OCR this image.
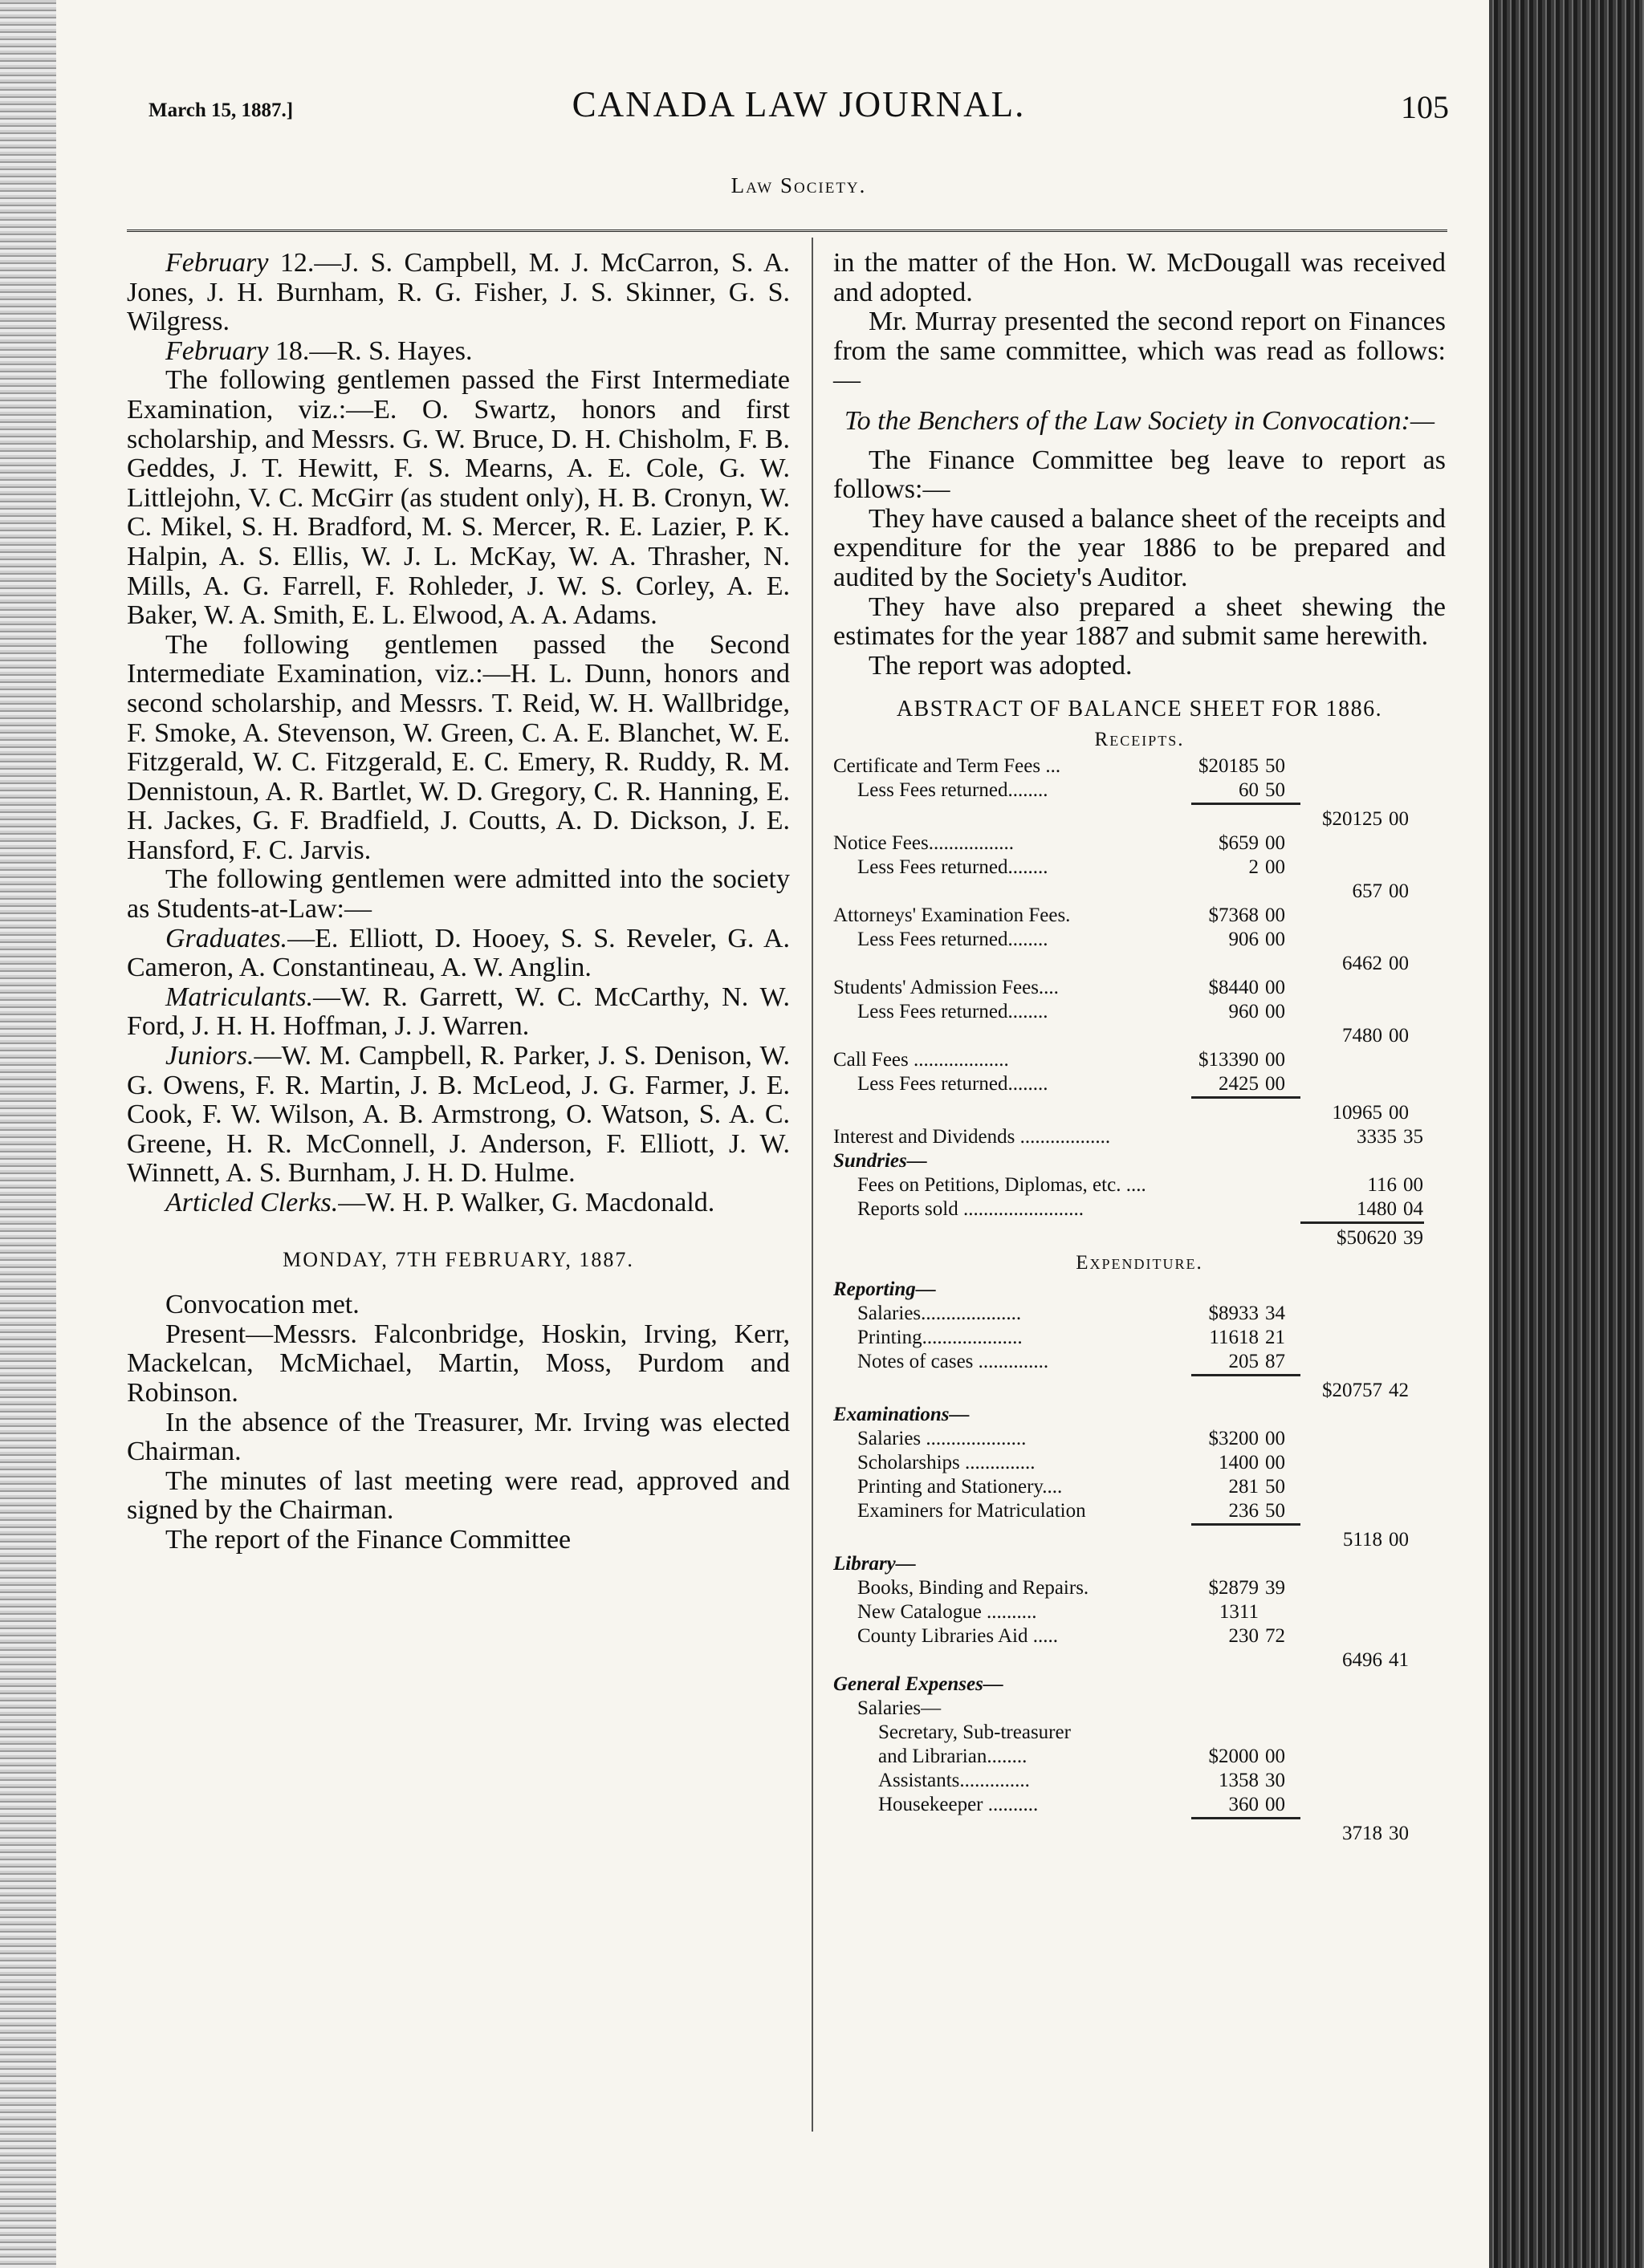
March 15, 1887.]	CANADA LAW JOURNAL.	105
Law Society.

February 12.—J. S. Campbell, M. J. McCarron, S. A. Jones, J. H. Burnham, R. G. Fisher, J. S. Skinner, G. S. Wilgress.

February 18.—R. S. Hayes.

The following gentlemen passed the First Intermediate Examination, viz.:—E. O. Swartz, honors and first scholarship, and Messrs. G. W. Bruce, D. H. Chisholm, F. B. Geddes, J. T. Hewitt, F. S. Mearns, A. E. Cole, G. W. Littlejohn, V. C. McGirr (as student only), H. B. Cronyn, W. C. Mikel, S. H. Bradford, M. S. Mercer, R. E. Lazier, P. K. Halpin, A. S. Ellis, W. J. L. McKay, W. A. Thrasher, N. Mills, A. G. Farrell, F. Rohleder, J. W. S. Corley, A. E. Baker, W. A. Smith, E. L. Elwood, A. A. Adams.

The following gentlemen passed the Second Intermediate Examination, viz.:—H. L. Dunn, honors and second scholarship, and Messrs. T. Reid, W. H. Wallbridge, F. Smoke, A. Stevenson, W. Green, C. A. E. Blanchet, W. E. Fitzgerald, W. C. Fitzgerald, E. C. Emery, R. Ruddy, R. M. Dennistoun, A. R. Bartlet, W. D. Gregory, C. R. Hanning, E. H. Jackes, G. F. Bradfield, J. Coutts, A. D. Dickson, J. E. Hansford, F. C. Jarvis.

The following gentlemen were admitted into the society as Students-at-Law:—

Graduates.—E. Elliott, D. Hooey, S. S. Reveler, G. A. Cameron, A. Constantineau, A. W. Anglin.

Matriculants.—W. R. Garrett, W. C. McCarthy, N. W. Ford, J. H. H. Hoffman, J. J. Warren.

Juniors.—W. M. Campbell, R. Parker, J. S. Denison, W. G. Owens, F. R. Martin, J. B. McLeod, J. G. Farmer, J. E. Cook, F. W. Wilson, A. B. Armstrong, O. Watson, S. A. C. Greene, H. R. McConnell, J. Anderson, F. Elliott, J. W. Winnett, A. S. Burnham, J. H. D. Hulme.

Articled Clerks.—W. H. P. Walker, G. Macdonald.

MONDAY, 7TH FEBRUARY, 1887.

Convocation met.

Present—Messrs. Falconbridge, Hoskin, Irving, Kerr, Mackelcan, McMichael, Martin, Moss, Purdom and Robinson.

In the absence of the Treasurer, Mr. Irving was elected Chairman.

The minutes of last meeting were read, approved and signed by the Chairman.

The report of the Finance Committee

in the matter of the Hon. W. McDougall was received and adopted.

Mr. Murray presented the second report on Finances from the same committee, which was read as follows:—

To the Benchers of the Law Society in Convocation:—

The Finance Committee beg leave to report as follows:—

They have caused a balance sheet of the receipts and expenditure for the year 1886 to be prepared and audited by the Society's Auditor.

They have also prepared a sheet shewing the estimates for the year 1887 and submit same herewith.

The report was adopted.

ABSTRACT OF BALANCE SHEET FOR 1886.
Receipts.
Certificate and Term Fees ...	$20185 50
Less Fees returned........	60 50
$20125 00
Notice Fees.................	$659 00
Less Fees returned........	2 00
657 00
Attorneys' Examination Fees.	$7368 00
Less Fees returned........	906 00
6462 00
Students' Admission Fees....	$8440 00
Less Fees returned........	960 00
7480 00
Call Fees ...................	$13390 00
Less Fees returned........	2425 00
10965 00
Interest and Dividends ..................	3335 35
Sundries—
Fees on Petitions, Diplomas, etc. ....	116 00
Reports sold ........................	1480 04
$50620 39
Expenditure.
Reporting—
Salaries....................	$8933 34
Printing....................	11618 21
Notes of cases ..............	205 87
$20757 42
Examinations—
Salaries ....................	$3200 00
Scholarships ..............	1400 00
Printing and Stationery....	281 50
Examiners for Matriculation	236 50
5118 00
Library—
Books, Binding and Repairs.	$2879 39
New Catalogue ..........	1311
County Libraries Aid .....	230 72
6496 41
General Expenses—
Salaries—
Secretary, Sub-treasurer
and Librarian........	$2000 00
Assistants..............	1358 30
Housekeeper ..........	360 00
3718 30
